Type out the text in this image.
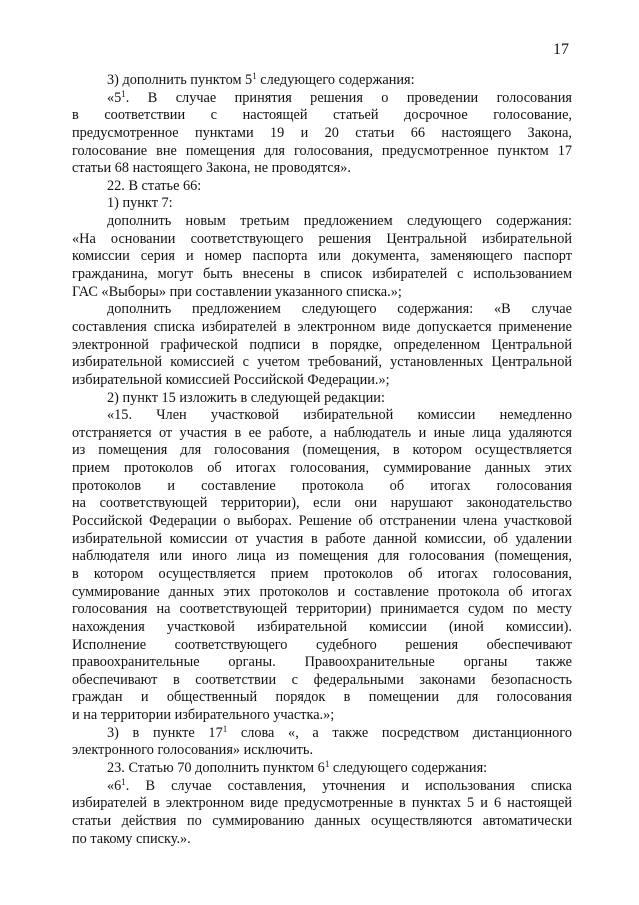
17
3) дополнить пунктом $5^1$ следующего содержания:
«$5^1$. В случае принятия решения о проведении голосования
в соответствии с настоящей статьей досрочное голосование,
предусмотренное пунктами 19 и 20 статьи 66 настоящего Закона,
голосование вне помещения для голосования, предусмотренное пунктом 17
статьи 68 настоящего Закона, не проводятся».
22. В статье 66:
1) пункт 7:
дополнить новым третьим предложением следующего содержания:
«На основании соответствующего решения Центральной избирательной
комиссии серия и номер паспорта или документа, заменяющего паспорт
гражданина, могут быть внесены в список избирателей с использованием
ГАС «Выборы» при составлении указанного списка.»;
дополнить предложением следующего содержания: «В случае
составления списка избирателей в электронном виде допускается применение
электронной графической подписи в порядке, определенном Центральной
избирательной комиссией с учетом требований, установленных Центральной
избирательной комиссией Российской Федерации.»;
2) пункт 15 изложить в следующей редакции:
«15. Член участковой избирательной комиссии немедленно
отстраняется от участия в ее работе, а наблюдатель и иные лица удаляются
из помещения для голосования (помещения, в котором осуществляется
прием протоколов об итогах голосования, суммирование данных этих
протоколов и составление протокола об итогах голосования
на соответствующей территории), если они нарушают законодательство
Российской Федерации о выборах. Решение об отстранении члена участковой
избирательной комиссии от участия в работе данной комиссии, об удалении
наблюдателя или иного лица из помещения для голосования (помещения,
в котором осуществляется прием протоколов об итогах голосования,
суммирование данных этих протоколов и составление протокола об итогах
голосования на соответствующей территории) принимается судом по месту
нахождения участковой избирательной комиссии (иной комиссии).
Исполнение соответствующего судебного решения обеспечивают
правоохранительные органы. Правоохранительные органы также
обеспечивают в соответствии с федеральными законами безопасность
граждан и общественный порядок в помещении для голосования
и на территории избирательного участка.»;
3) в пункте $17^1$ слова «, а также посредством дистанционного
электронного голосования» исключить.
23. Статью 70 дополнить пунктом $6^1$ следующего содержания:
«$6^1$. В случае составления, уточнения и использования списка
избирателей в электронном виде предусмотренные в пунктах 5 и 6 настоящей
статьи действия по суммированию данных осуществляются автоматически
по такому списку.».
